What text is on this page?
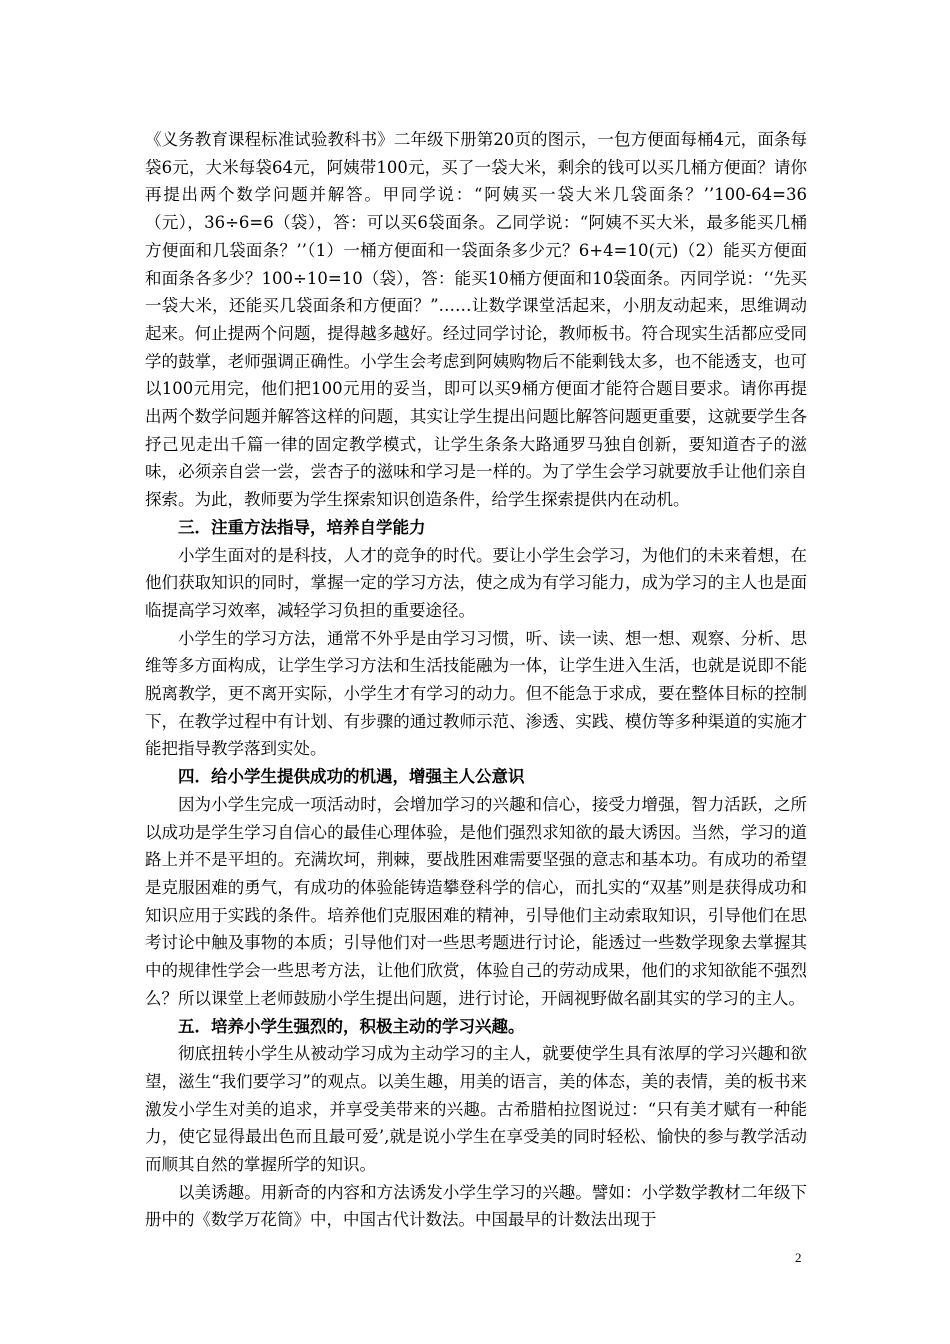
《义务教育课程标准试验教科书》二年级下册第20页的图示，一包方便面每桶4元，面条每袋6元，大米每袋64元，阿姨带100元，买了一袋大米，剩余的钱可以买几桶方便面？请你再提出两个数学问题并解答。甲同学说：“阿姨买一袋大米几袋面条？’’100-64=36（元），36÷6=6（袋），答：可以买6袋面条。乙同学说：“阿姨不买大米，最多能买几桶方便面和几袋面条？’’（1）一桶方便面和一袋面条多少元？6+4=10(元)（2）能买方便面和面条各多少？100÷10=10（袋），答：能买10桶方便面和10袋面条。丙同学说：‘‘先买一袋大米，还能买几袋面条和方便面？”……让数学课堂活起来，小朋友动起来，思维调动起来。何止提两个问题，提得越多越好。经过同学讨论，教师板书。符合现实生活都应受同学的鼓掌，老师强调正确性。小学生会考虑到阿姨购物后不能剩钱太多，也不能透支，也可以100元用完，他们把100元用的妥当，即可以买9桶方便面才能符合题目要求。请你再提出两个数学问题并解答这样的问题，其实让学生提出问题比解答问题更重要，这就要学生各抒己见走出千篇一律的固定教学模式，让学生条条大路通罗马独自创新，要知道杏子的滋味，必须亲自尝一尝，尝杏子的滋味和学习是一样的。为了学生会学习就要放手让他们亲自探索。为此，教师要为学生探索知识创造条件，给学生探索提供内在动机。

三．注重方法指导，培养自学能力

小学生面对的是科技，人才的竞争的时代。要让小学生会学习，为他们的未来着想，在他们获取知识的同时，掌握一定的学习方法，使之成为有学习能力，成为学习的主人也是面临提高学习效率，减轻学习负担的重要途径。

小学生的学习方法，通常不外乎是由学习习惯，听、读一读、想一想、观察、分析、思维等多方面构成，让学生学习方法和生活技能融为一体，让学生进入生活，也就是说即不能脱离教学，更不离开实际，小学生才有学习的动力。但不能急于求成，要在整体目标的控制下，在教学过程中有计划、有步骤的通过教师示范、渗透、实践、模仿等多种渠道的实施才能把指导教学落到实处。

四．给小学生提供成功的机遇，增强主人公意识

因为小学生完成一项活动时，会增加学习的兴趣和信心，接受力增强，智力活跃，之所以成功是学生学习自信心的最佳心理体验，是他们强烈求知欲的最大诱因。当然，学习的道路上并不是平坦的。充满坎坷，荆棘，要战胜困难需要坚强的意志和基本功。有成功的希望是克服困难的勇气，有成功的体验能铸造攀登科学的信心，而扎实的“双基”则是获得成功和知识应用于实践的条件。培养他们克服困难的精神，引导他们主动索取知识，引导他们在思考讨论中触及事物的本质；引导他们对一些思考题进行讨论，能透过一些数学现象去掌握其中的规律性学会一些思考方法，让他们欣赏，体验自己的劳动成果，他们的求知欲能不强烈么？所以课堂上老师鼓励小学生提出问题，进行讨论，开阔视野做名副其实的学习的主人。

五．培养小学生强烈的，积极主动的学习兴趣。

彻底扭转小学生从被动学习成为主动学习的主人，就要使学生具有浓厚的学习兴趣和欲望，滋生“我们要学习”的观点。以美生趣，用美的语言，美的体态，美的表情，美的板书来激发小学生对美的追求，并享受美带来的兴趣。古希腊柏拉图说过：“只有美才赋有一种能力，使它显得最出色而且最可爱’,就是说小学生在享受美的同时轻松、愉快的参与教学活动而顺其自然的掌握所学的知识。

以美诱趣。用新奇的内容和方法诱发小学生学习的兴趣。譬如：小学数学教材二年级下册中的《数学万花筒》中，中国古代计数法。中国最早的计数法出现于

2
